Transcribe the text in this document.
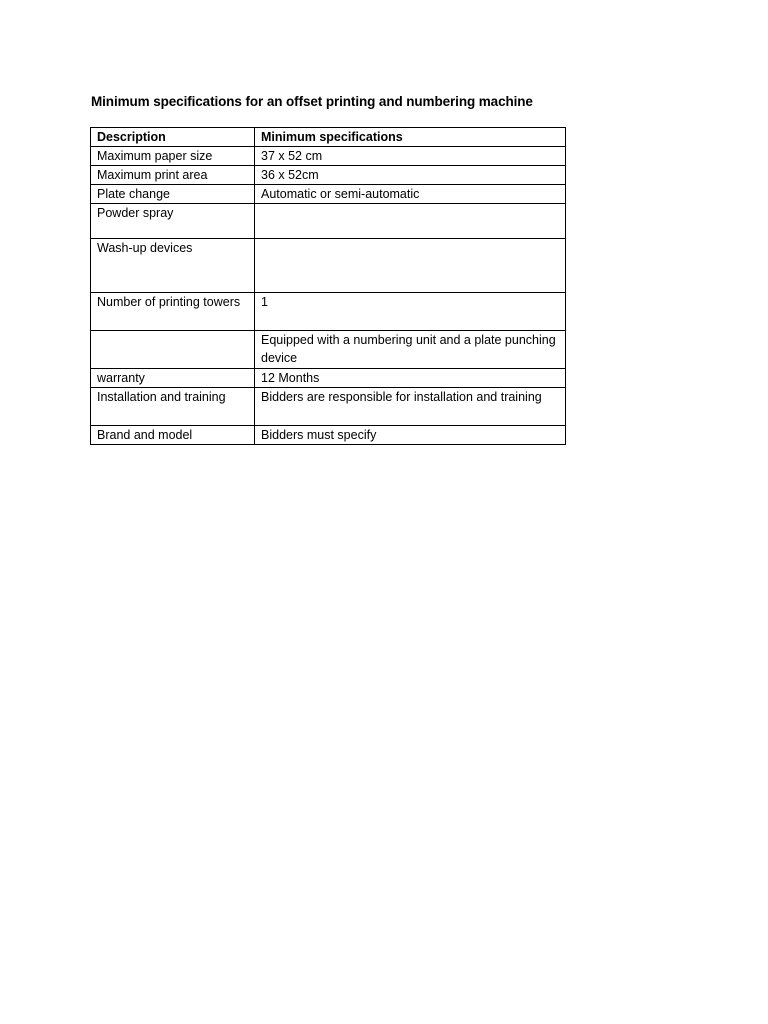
Minimum specifications for an offset printing and numbering machine
Description	Minimum specifications
Maximum paper size	37 x 52 cm
Maximum print area	36 x 52cm
Plate change	Automatic or semi-automatic
Powder spray	
Wash-up devices	
Number of printing towers	1
	Equipped with a numbering unit and a plate punching device
warranty	12 Months
Installation and training	Bidders are responsible for installation and training
Brand and model	Bidders must specify
